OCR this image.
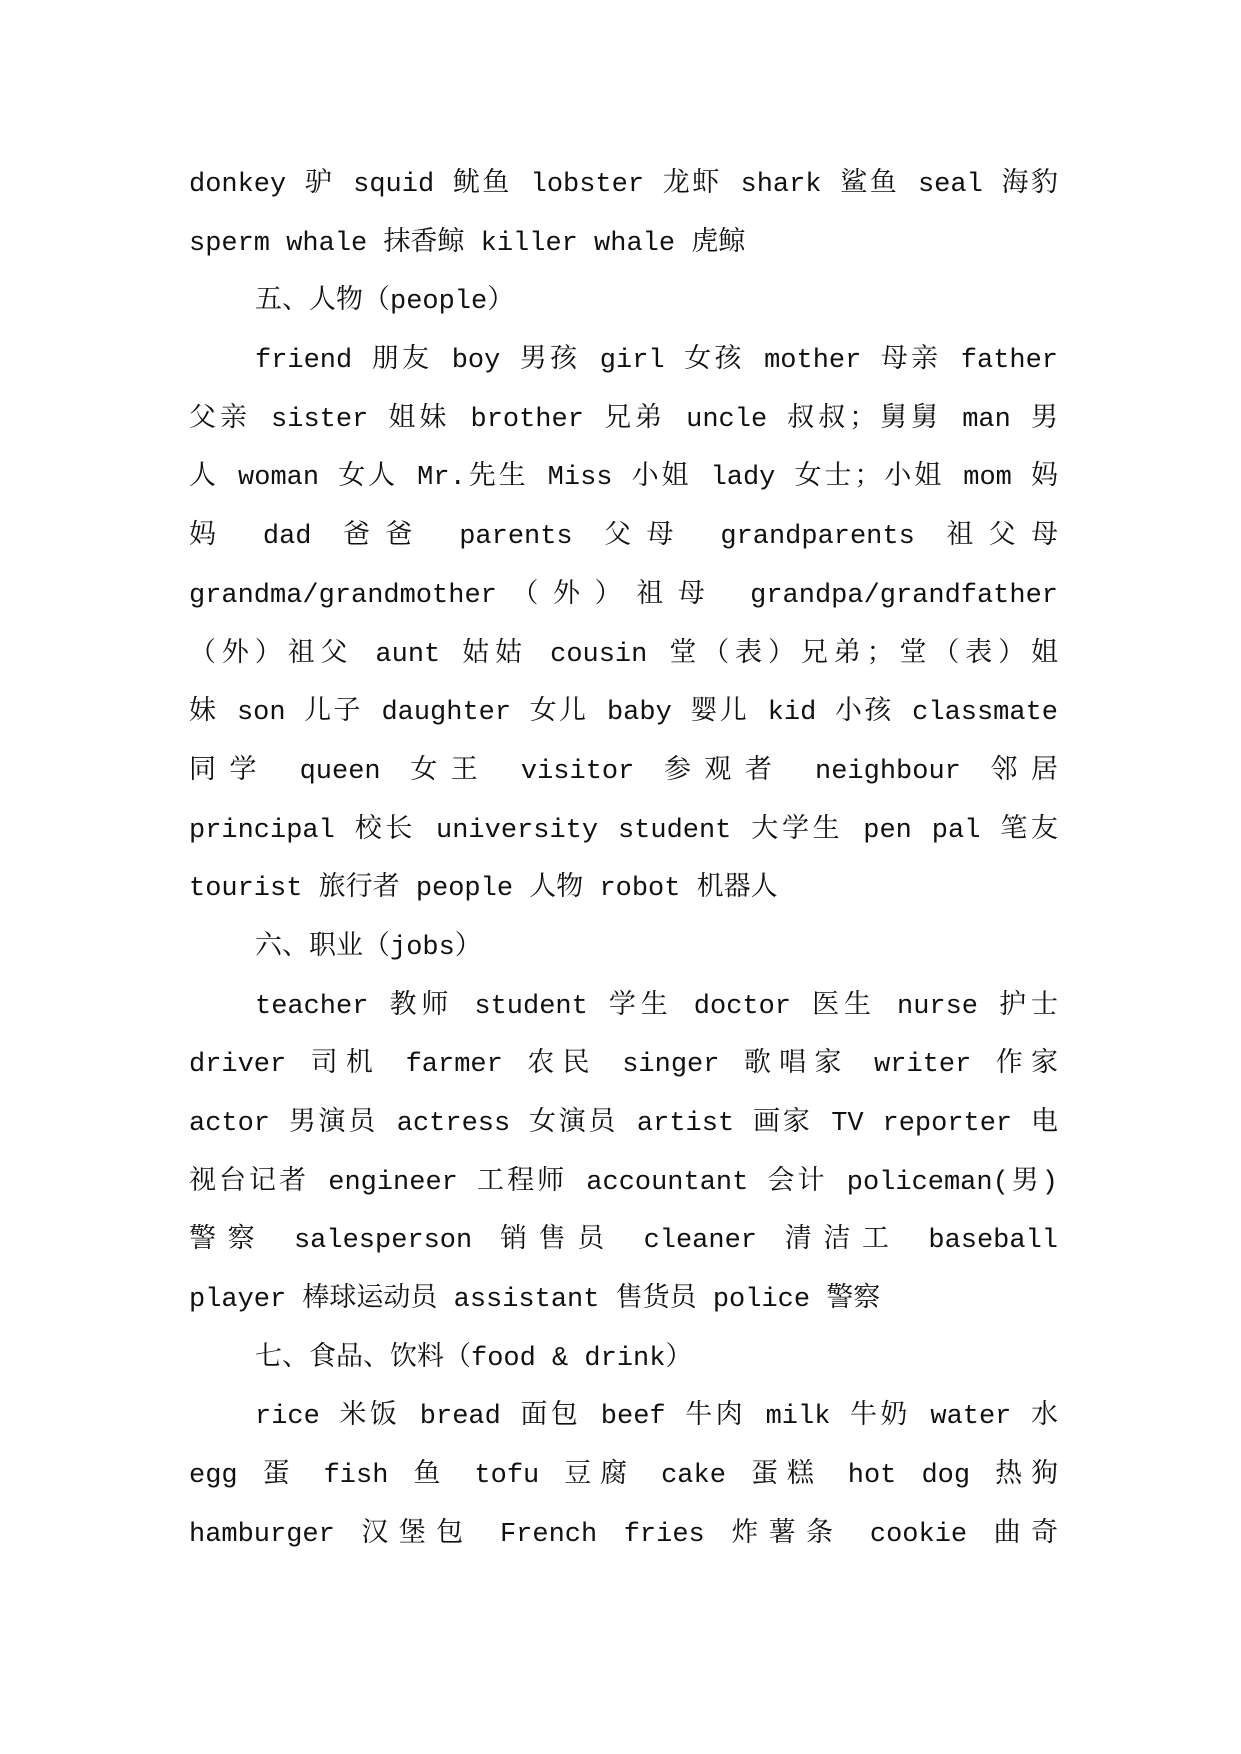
donkey 驴 squid 鱿鱼 lobster 龙虾 shark 鲨鱼 seal 海豹
sperm whale 抹香鲸 killer whale 虎鲸
五、人物（people）
friend 朋友 boy 男孩 girl 女孩 mother 母亲 father
父亲 sister 姐妹 brother 兄弟 uncle 叔叔；舅舅 man 男
人 woman 女人 Mr.先生 Miss 小姐 lady 女士；小姐 mom 妈
妈 dad 爸爸 parents 父母 grandparents 祖父母
grandma/grandmother（外）祖母 grandpa/grandfather
（外）祖父 aunt 姑姑 cousin 堂（表）兄弟；堂（表）姐
妹 son 儿子 daughter 女儿 baby 婴儿 kid 小孩 classmate
同学 queen 女王 visitor 参观者 neighbour 邻居
principal 校长 university student 大学生 pen pal 笔友
tourist 旅行者 people 人物 robot 机器人
六、职业（jobs）
teacher 教师 student 学生 doctor 医生 nurse 护士
driver 司机 farmer 农民 singer 歌唱家 writer 作家
actor 男演员 actress 女演员 artist 画家 TV reporter 电
视台记者 engineer 工程师 accountant 会计 policeman(男)
警察 salesperson 销售员 cleaner 清洁工 baseball
player 棒球运动员 assistant 售货员 police 警察
七、食品、饮料（food & drink）
rice 米饭 bread 面包 beef 牛肉 milk 牛奶 water 水
egg 蛋 fish 鱼 tofu 豆腐 cake 蛋糕 hot dog 热狗
hamburger 汉堡包 French fries 炸薯条 cookie 曲奇
